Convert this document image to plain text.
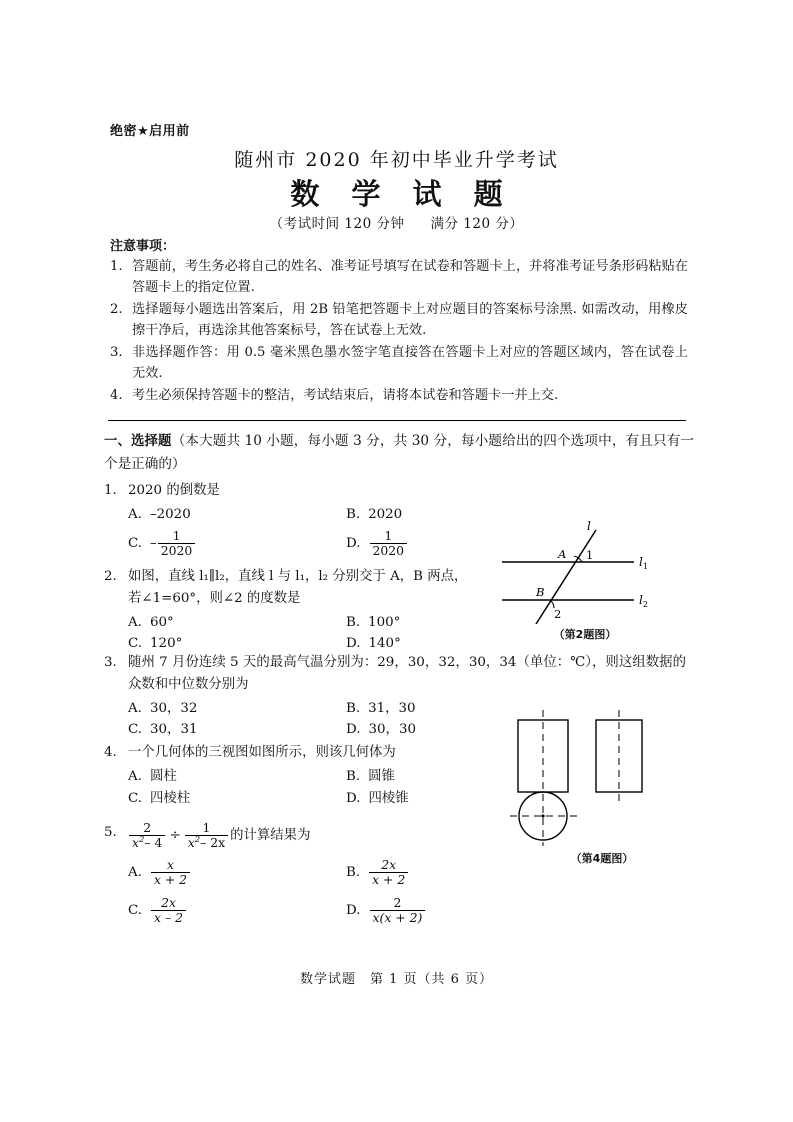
绝密★启用前
随州市 2020 年初中毕业升学考试
数 学 试 题
（考试时间 120 分钟 满分 120 分）
注意事项：
1. 答题前，考生务必将自己的姓名、准考证号填写在试卷和答题卡上，并将准考证号条形码粘贴在答题卡上的指定位置.
2. 选择题每小题选出答案后，用 2B 铅笔把答题卡上对应题目的答案标号涂黑. 如需改动，用橡皮擦干净后，再选涂其他答案标号，答在试卷上无效.
3. 非选择题作答：用 0.5 毫米黑色墨水签字笔直接答在答题卡上对应的答题区域内，答在试卷上无效.
4. 考生必须保持答题卡的整洁，考试结束后，请将本试卷和答题卡一并上交.
一、选择题（本大题共 10 小题，每小题 3 分，共 30 分，每小题给出的四个选项中，有且只有一个是正确的）
1. 2020 的倒数是
A. –2020	B. 2020
C. – $\frac{1}{2020}$	D. $\frac{1}{2020}$
2. 如图，直线 l₁∥l₂，直线 l 与 l₁，l₂ 分别交于 A，B 两点，
若∠1=60°，则∠2 的度数是
A. 60°	B. 100°
C. 120°	D. 140°
l
$l_1$
$l_2$
A
B
1
2
（第2题图）
3. 随州 7 月份连续 5 天的最高气温分别为：29，30，32，30，34（单位：℃），则这组数据的众数和中位数分别为
A. 30，32	B. 31，30
C. 30，31	D. 30，30
4. 一个几何体的三视图如图所示，则该几何体为
A. 圆柱	B. 圆锥
C. 四棱柱	D. 四棱锥
（第4题图）
5. $\frac{2}{x^2- 4} \div \frac{1}{x^2- 2x}$ 的计算结果为
A. $\frac{x}{x + 2}$	B. $\frac{2x}{x + 2}$
C. $\frac{2x}{x - 2}$	D. $\frac{2}{x(x + 2)}$
数学试题 第 1 页（共 6 页）
